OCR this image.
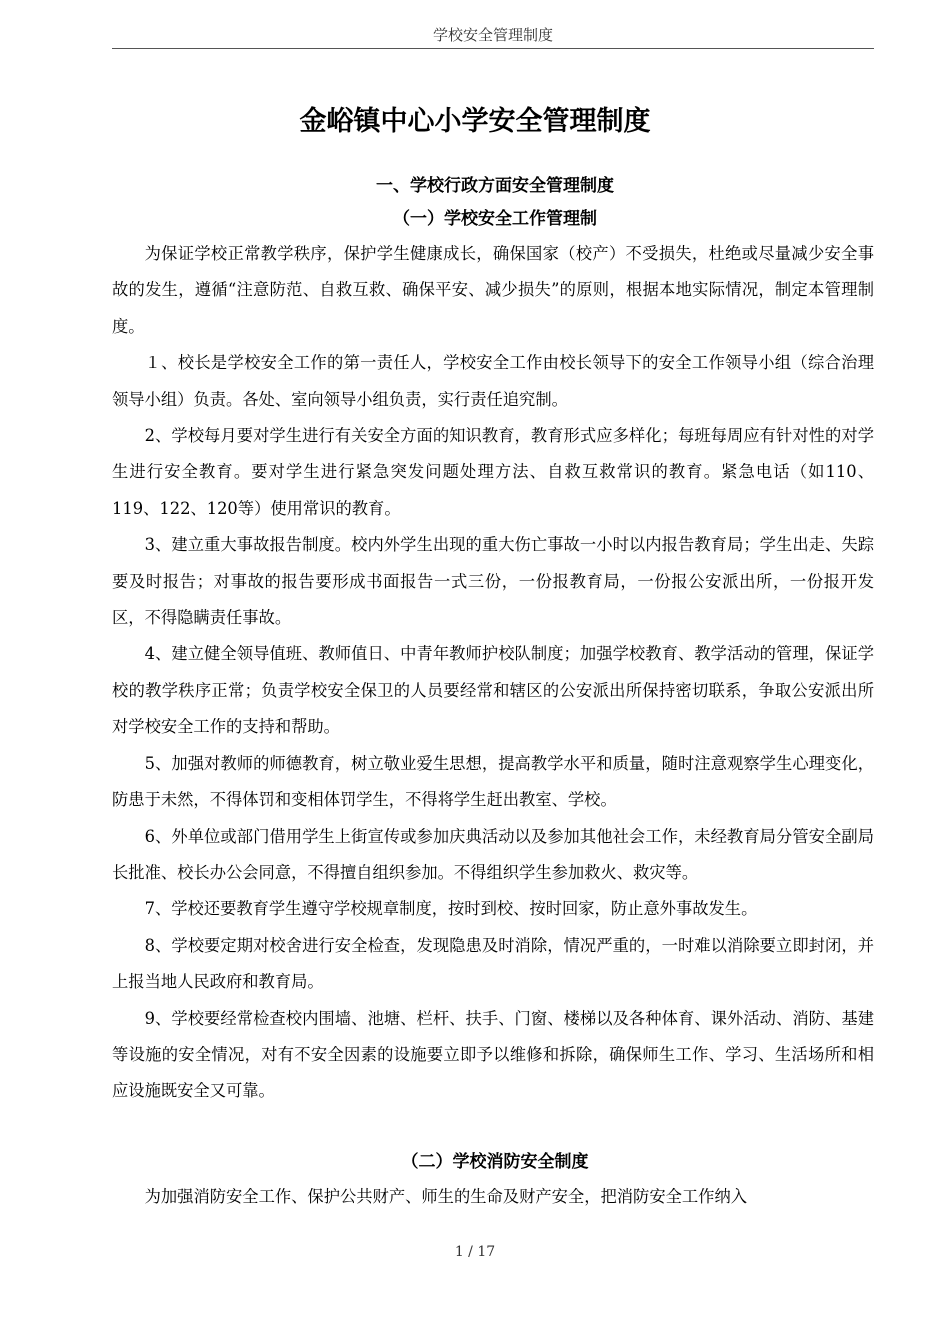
学校安全管理制度
金峪镇中心小学安全管理制度
一、学校行政方面安全管理制度
（一）学校安全工作管理制

为保证学校正常教学秩序，保护学生健康成长，确保国家（校产）不受损失，杜绝或尽量减少安全事故的发生，遵循“注意防范、自救互救、确保平安、减少损失”的原则，根据本地实际情况，制定本管理制度。

１、校长是学校安全工作的第一责任人，学校安全工作由校长领导下的安全工作领导小组（综合治理领导小组）负责。各处、室向领导小组负责，实行责任追究制。

2、学校每月要对学生进行有关安全方面的知识教育，教育形式应多样化；每班每周应有针对性的对学生进行安全教育。要对学生进行紧急突发问题处理方法、自救互救常识的教育。紧急电话（如110、119、122、120等）使用常识的教育。

3、建立重大事故报告制度。校内外学生出现的重大伤亡事故一小时以内报告教育局；学生出走、失踪要及时报告；对事故的报告要形成书面报告一式三份，一份报教育局，一份报公安派出所，一份报开发区，不得隐瞒责任事故。

4、建立健全领导值班、教师值日、中青年教师护校队制度；加强学校教育、教学活动的管理，保证学校的教学秩序正常；负责学校安全保卫的人员要经常和辖区的公安派出所保持密切联系，争取公安派出所对学校安全工作的支持和帮助。

5、加强对教师的师德教育，树立敬业爱生思想，提高教学水平和质量，随时注意观察学生心理变化，防患于未然，不得体罚和变相体罚学生，不得将学生赶出教室、学校。

6、外单位或部门借用学生上街宣传或参加庆典活动以及参加其他社会工作，未经教育局分管安全副局长批准、校长办公会同意，不得擅自组织参加。不得组织学生参加救火、救灾等。

7、学校还要教育学生遵守学校规章制度，按时到校、按时回家，防止意外事故发生。

8、学校要定期对校舍进行安全检查，发现隐患及时消除，情况严重的，一时难以消除要立即封闭，并上报当地人民政府和教育局。

9、学校要经常检查校内围墙、池塘、栏杆、扶手、门窗、楼梯以及各种体育、课外活动、消防、基建等设施的安全情况，对有不安全因素的设施要立即予以维修和拆除，确保师生工作、学习、生活场所和相应设施既安全又可靠。

（二）学校消防安全制度

为加强消防安全工作、保护公共财产、师生的生命及财产安全，把消防安全工作纳入

1 / 17
